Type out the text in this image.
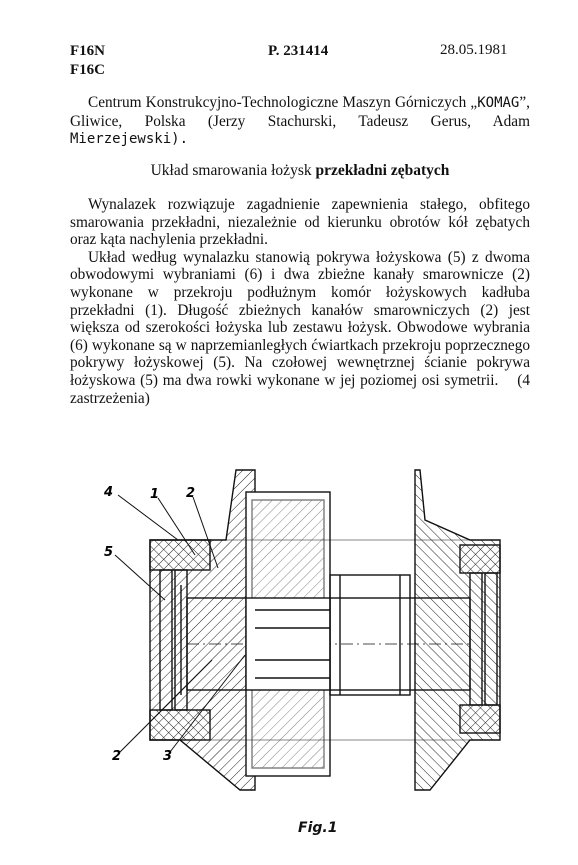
F16N
F16C
P. 231414	28.05.1981
Centrum Konstrukcyjno-Technologiczne Maszyn Górniczych „KOMAG”, Gliwice, Polska (Jerzy Stachurski, Tadeusz Gerus, Adam Mierzejewski).
Układ smarowania łożysk przekładni zębatych
Wynalazek rozwiązuje zagadnienie zapewnienia stałego, obfitego smarowania przekładni, niezależnie od kierunku obrotów kół zębatych oraz kąta nachylenia przekładni.
Układ według wynalazku stanowią pokrywa łożyskowa (5) z dwoma obwodowymi wybraniami (6) i dwa zbieżne kanały smarownicze (2) wykonane w przekroju podłużnym komór łożyskowych kadłuba przekładni (1). Długość zbieżnych kanałów smarowniczych (2) jest większa od szerokości łożyska lub zestawu łożysk. Obwodowe wybrania (6) wykonane są w naprzemianległych ćwiartkach przekroju poprzecznego pokrywy łożyskowej (5). Na czołowej wewnętrznej ścianie pokrywa łożyskowa (5) ma dwa rowki wykonane w jej poziomej osi symetrii. (4 zastrzeżenia)
4	1 2
5
2	3
Fig.1
